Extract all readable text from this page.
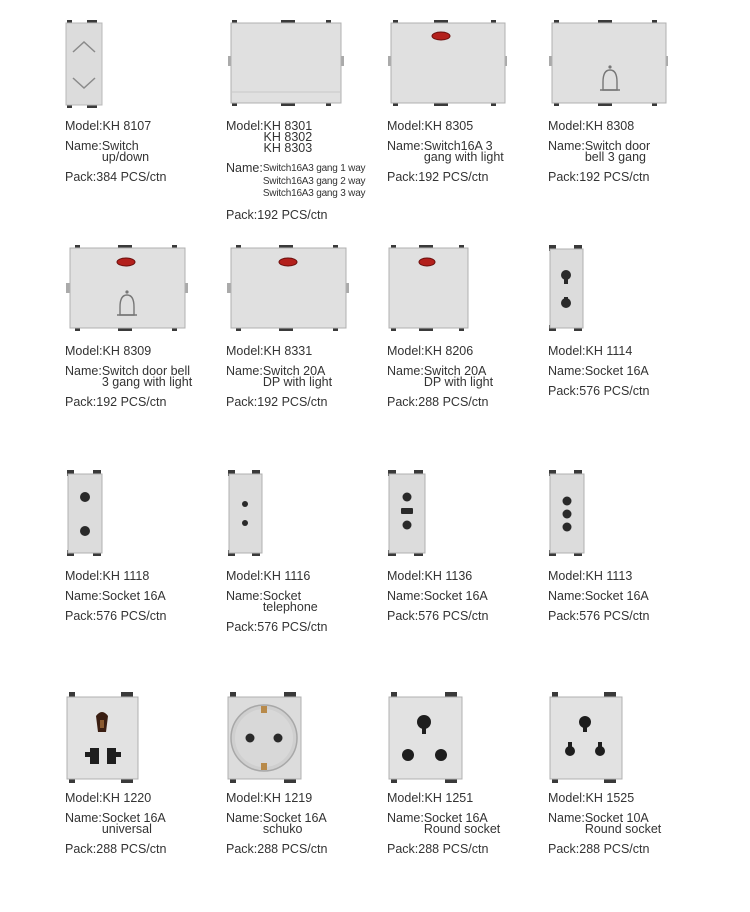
Model: KH 8107
Name: Switch
up/down
Pack: 384 PCS/ctn
Model: KH 8301
KH 8302
KH 8303
Name: Switch16A3 gang 1 way
Switch16A3 gang 2 way
Switch16A3 gang 3 way
Pack: 192 PCS/ctn
Model: KH 8305
Name: Switch16A 3
gang with light
Pack: 192 PCS/ctn
Model: KH 8308
Name: Switch door
bell 3 gang
Pack: 192 PCS/ctn
Model: KH 8309
Name: Switch door bell
3 gang with light
Pack: 192 PCS/ctn
Model: KH 8331
Name: Switch 20A
DP with light
Pack: 192 PCS/ctn
Model: KH 8206
Name: Switch 20A
DP with light
Pack: 288 PCS/ctn
Model: KH 1114
Name: Socket 16A
Pack: 576 PCS/ctn
Model: KH 1118
Name: Socket 16A
Pack: 576 PCS/ctn
Model: KH 1116
Name: Socket
telephone
Pack: 576 PCS/ctn
Model: KH 1136
Name: Socket 16A
Pack: 576 PCS/ctn
Model: KH 1113
Name: Socket 16A
Pack: 576 PCS/ctn
Model: KH 1220
Name: Socket 16A
universal
Pack: 288 PCS/ctn
Model: KH 1219
Name: Socket 16A
schuko
Pack: 288 PCS/ctn
Model: KH 1251
Name: Socket 16A
Round socket
Pack: 288 PCS/ctn
Model: KH 1525
Name: Socket 10A
Round socket
Pack: 288 PCS/ctn
